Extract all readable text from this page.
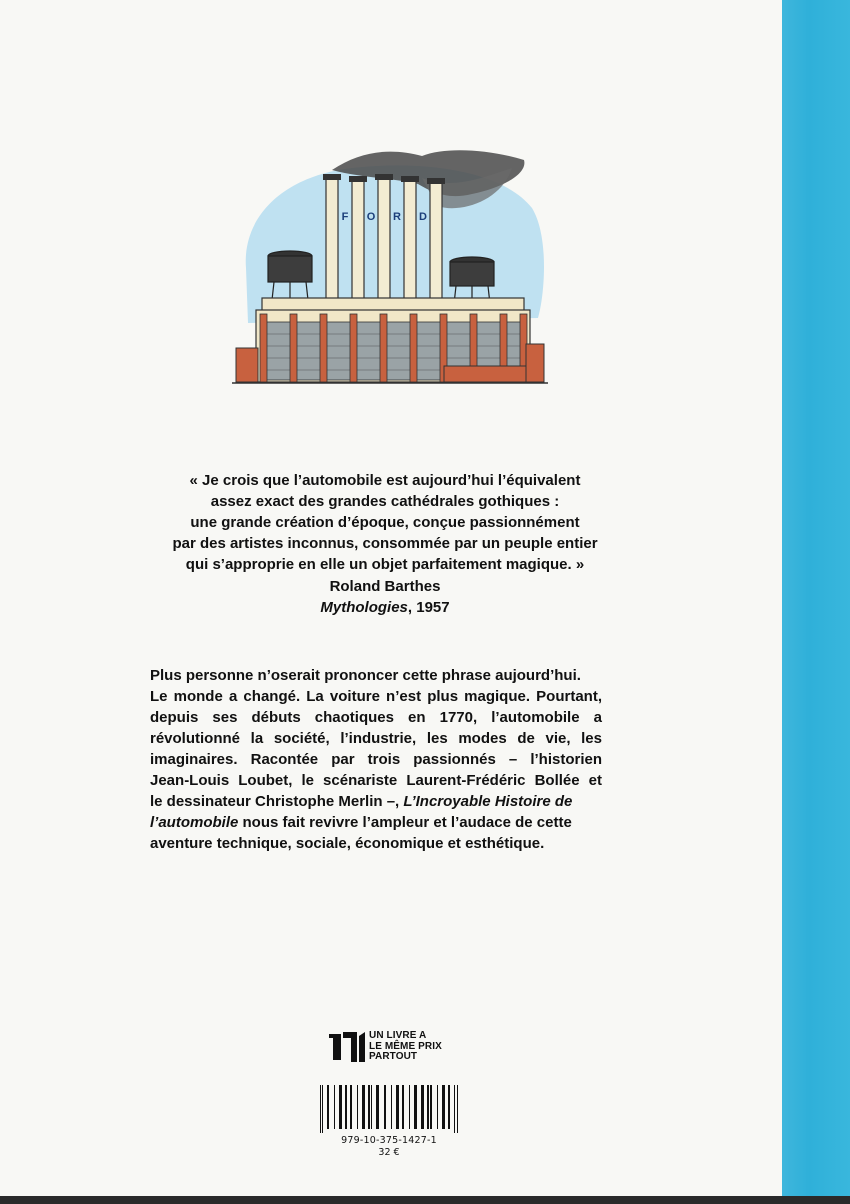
F O R D
« Je crois que l’automobile est aujourd’hui l’équivalent
assez exact des grandes cathédrales gothiques :
une grande création d’époque, conçue passionnément
par des artistes inconnus, consommée par un peuple entier
qui s’approprie en elle un objet parfaitement magique. »
Roland Barthes
Mythologies, 1957
Plus personne n’oserait prononcer cette phrase aujourd’hui.
Le monde a changé. La voiture n’est plus magique. Pourtant,
depuis ses débuts chaotiques en 1770, l’automobile a
révolutionné la société, l’industrie, les modes de vie, les
imaginaires. Racontée par trois passionnés – l’historien
Jean-Louis Loubet, le scénariste Laurent-Frédéric Bollée et
le dessinateur Christophe Merlin –, L’Incroyable Histoire de
l’automobile nous fait revivre l’ampleur et l’audace de cette
aventure technique, sociale, économique et esthétique.
UN LIVRE A
LE MÊME PRIX
PARTOUT
979-10-375-1427-1
32 €
